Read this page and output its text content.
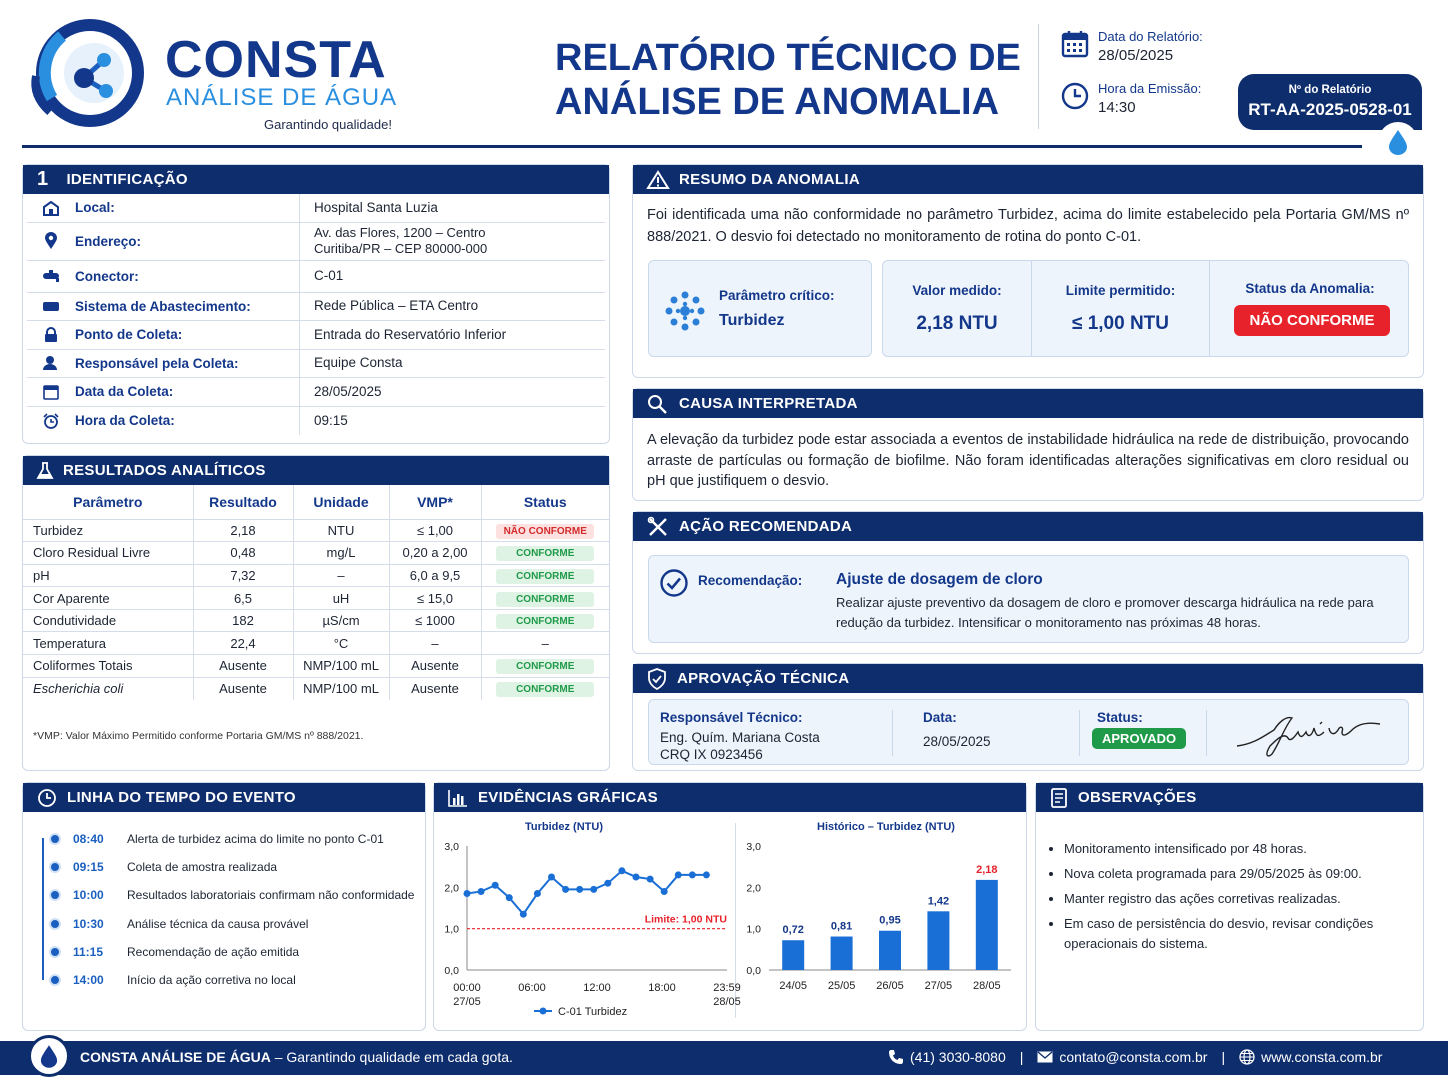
CONSTA
ANÁLISE DE ÁGUA
Garantindo qualidade!
RELATÓRIO TÉCNICO DE
ANÁLISE DE ANOMALIA
Data do Relatório:
28/05/2025
Hora da Emissão:
14:30
Nº do Relatório
RT-AA-2025-0528-01
1 IDENTIFICAÇÃO
Local:	Hospital Santa Luzia
Endereço:
Av. das Flores, 1200 – Centro
Curitiba/PR – CEP 80000-000
Conector:	C-01
Sistema de Abastecimento:	Rede Pública – ETA Centro
Ponto de Coleta:	Entrada do Reservatório Inferior
Responsável pela Coleta:	Equipe Consta
Data da Coleta:	28/05/2025
Hora da Coleta:	09:15
RESULTADOS ANALÍTICOS
Parâmetro	Resultado	Unidade	VMP*	Status
Turbidez	2,18	NTU	≤ 1,00	NÃO CONFORME
Cloro Residual Livre	0,48	mg/L	0,20 a 2,00	CONFORME
pH	7,32	–	6,0 a 9,5	CONFORME
Cor Aparente	6,5	uH	≤ 15,0	CONFORME
Condutividade	182	µS/cm	≤ 1000	CONFORME
Temperatura	22,4	°C	–	–
Coliformes Totais	Ausente	NMP/100 mL	Ausente	CONFORME
Escherichia coli	Ausente	NMP/100 mL	Ausente	CONFORME
*VMP: Valor Máximo Permitido conforme Portaria GM/MS nº 888/2021.
RESUMO DA ANOMALIA
Foi identificada uma não conformidade no parâmetro Turbidez, acima do limite estabelecido pela Portaria GM/MS nº 888/2021. O desvio foi detectado no monitoramento de rotina do ponto C-01.
Parâmetro crítico:
Turbidez
Valor medido:
2,18 NTU
Limite permitido:
≤ 1,00 NTU
Status da Anomalia:
NÃO CONFORME
CAUSA INTERPRETADA
A elevação da turbidez pode estar associada a eventos de instabilidade hidráulica na rede de distribuição, provocando arraste de partículas ou formação de biofilme. Não foram identificadas alterações significativas em cloro residual ou pH que justifiquem o desvio.
AÇÃO RECOMENDADA
Recomendação: Ajuste de dosagem de cloro
Realizar ajuste preventivo da dosagem de cloro e promover descarga hidráulica na rede para redução da turbidez. Intensificar o monitoramento nas próximas 48 horas.
APROVAÇÃO TÉCNICA
Responsável Técnico:
Eng. Quím. Mariana Costa
CRQ IX 0923456
Data:
28/05/2025
Status:
APROVADO
LINHA DO TEMPO DO EVENTO
08:40	Alerta de turbidez acima do limite no ponto C-01
09:15	Coleta de amostra realizada
10:00	Resultados laboratoriais confirmam não conformidade
10:30	Análise técnica da causa provável
11:15	Recomendação de ação emitida
14:00	Início da ação corretiva no local
EVIDÊNCIAS GRÁFICAS
Turbidez (NTU)
0,0
1,0
2,0
3,0
00:00
27/05
06:00	12:00	18:00	23:59
28/05
Limite: 1,00 NTU
C-01 Turbidez
Histórico – Turbidez (NTU)
0,0
1,0
2,0
3,0
0,72
24/05
0,81
25/05
0,95
26/05
1,42
27/05
2,18
28/05
OBSERVAÇÕES
• Monitoramento intensificado por 48 horas.
• Nova coleta programada para 29/05/2025 às 09:00.
• Manter registro das ações corretivas realizadas.
• Em caso de persistência do desvio, revisar condições operacionais do sistema.
CONSTA ANÁLISE DE ÁGUA – Garantindo qualidade em cada gota.	(41) 3030-8080 |	contato@consta.com.br |	www.consta.com.br
